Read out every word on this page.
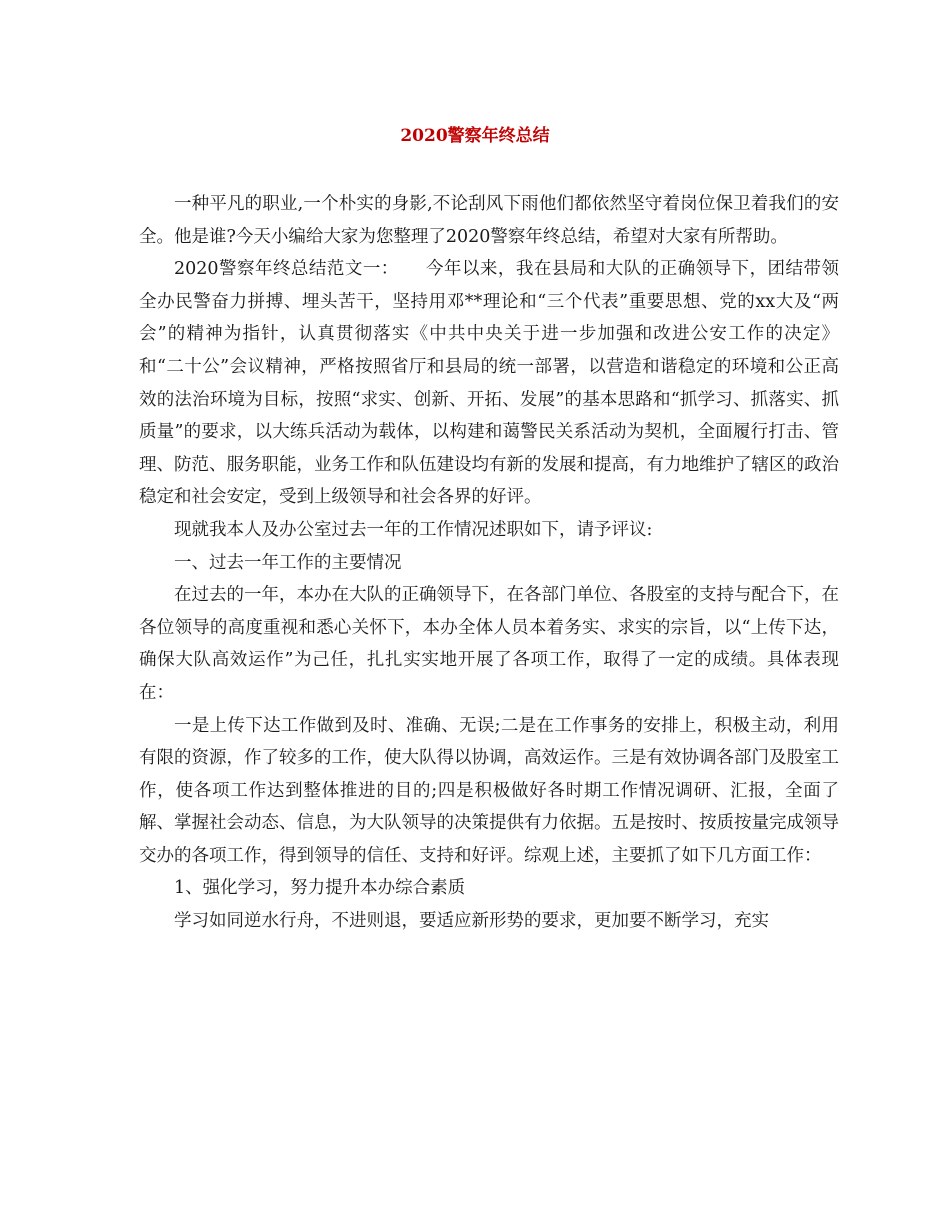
2020警察年终总结

一种平凡的职业,一个朴实的身影,不论刮风下雨他们都依然坚守着岗位保卫着我们的安全。他是谁?今天小编给大家为您整理了2020警察年终总结，希望对大家有所帮助。

2020警察年终总结范文一：　　今年以来，我在县局和大队的正确领导下，团结带领全办民警奋力拼搏、埋头苦干，坚持用邓**理论和“三个代表”重要思想、党的xx大及“两会”的精神为指针，认真贯彻落实《中共中央关于进一步加强和改进公安工作的决定》和“二十公”会议精神，严格按照省厅和县局的统一部署，以营造和谐稳定的环境和公正高效的法治环境为目标，按照“求实、创新、开拓、发展”的基本思路和“抓学习、抓落实、抓质量”的要求，以大练兵活动为载体，以构建和蔼警民关系活动为契机，全面履行打击、管理、防范、服务职能，业务工作和队伍建设均有新的发展和提高，有力地维护了辖区的政治稳定和社会安定，受到上级领导和社会各界的好评。

现就我本人及办公室过去一年的工作情况述职如下，请予评议:

一、过去一年工作的主要情况

在过去的一年，本办在大队的正确领导下，在各部门单位、各股室的支持与配合下，在各位领导的高度重视和悉心关怀下，本办全体人员本着务实、求实的宗旨，以“上传下达，确保大队高效运作”为己任，扎扎实实地开展了各项工作，取得了一定的成绩。具体表现在：

一是上传下达工作做到及时、准确、无误;二是在工作事务的安排上，积极主动，利用有限的资源，作了较多的工作，使大队得以协调，高效运作。三是有效协调各部门及股室工作，使各项工作达到整体推进的目的;四是积极做好各时期工作情况调研、汇报，全面了解、掌握社会动态、信息，为大队领导的决策提供有力依据。五是按时、按质按量完成领导交办的各项工作，得到领导的信任、支持和好评。综观上述，主要抓了如下几方面工作：

1、强化学习，努力提升本办综合素质

学习如同逆水行舟，不进则退，要适应新形势的要求，更加要不断学习，充实
